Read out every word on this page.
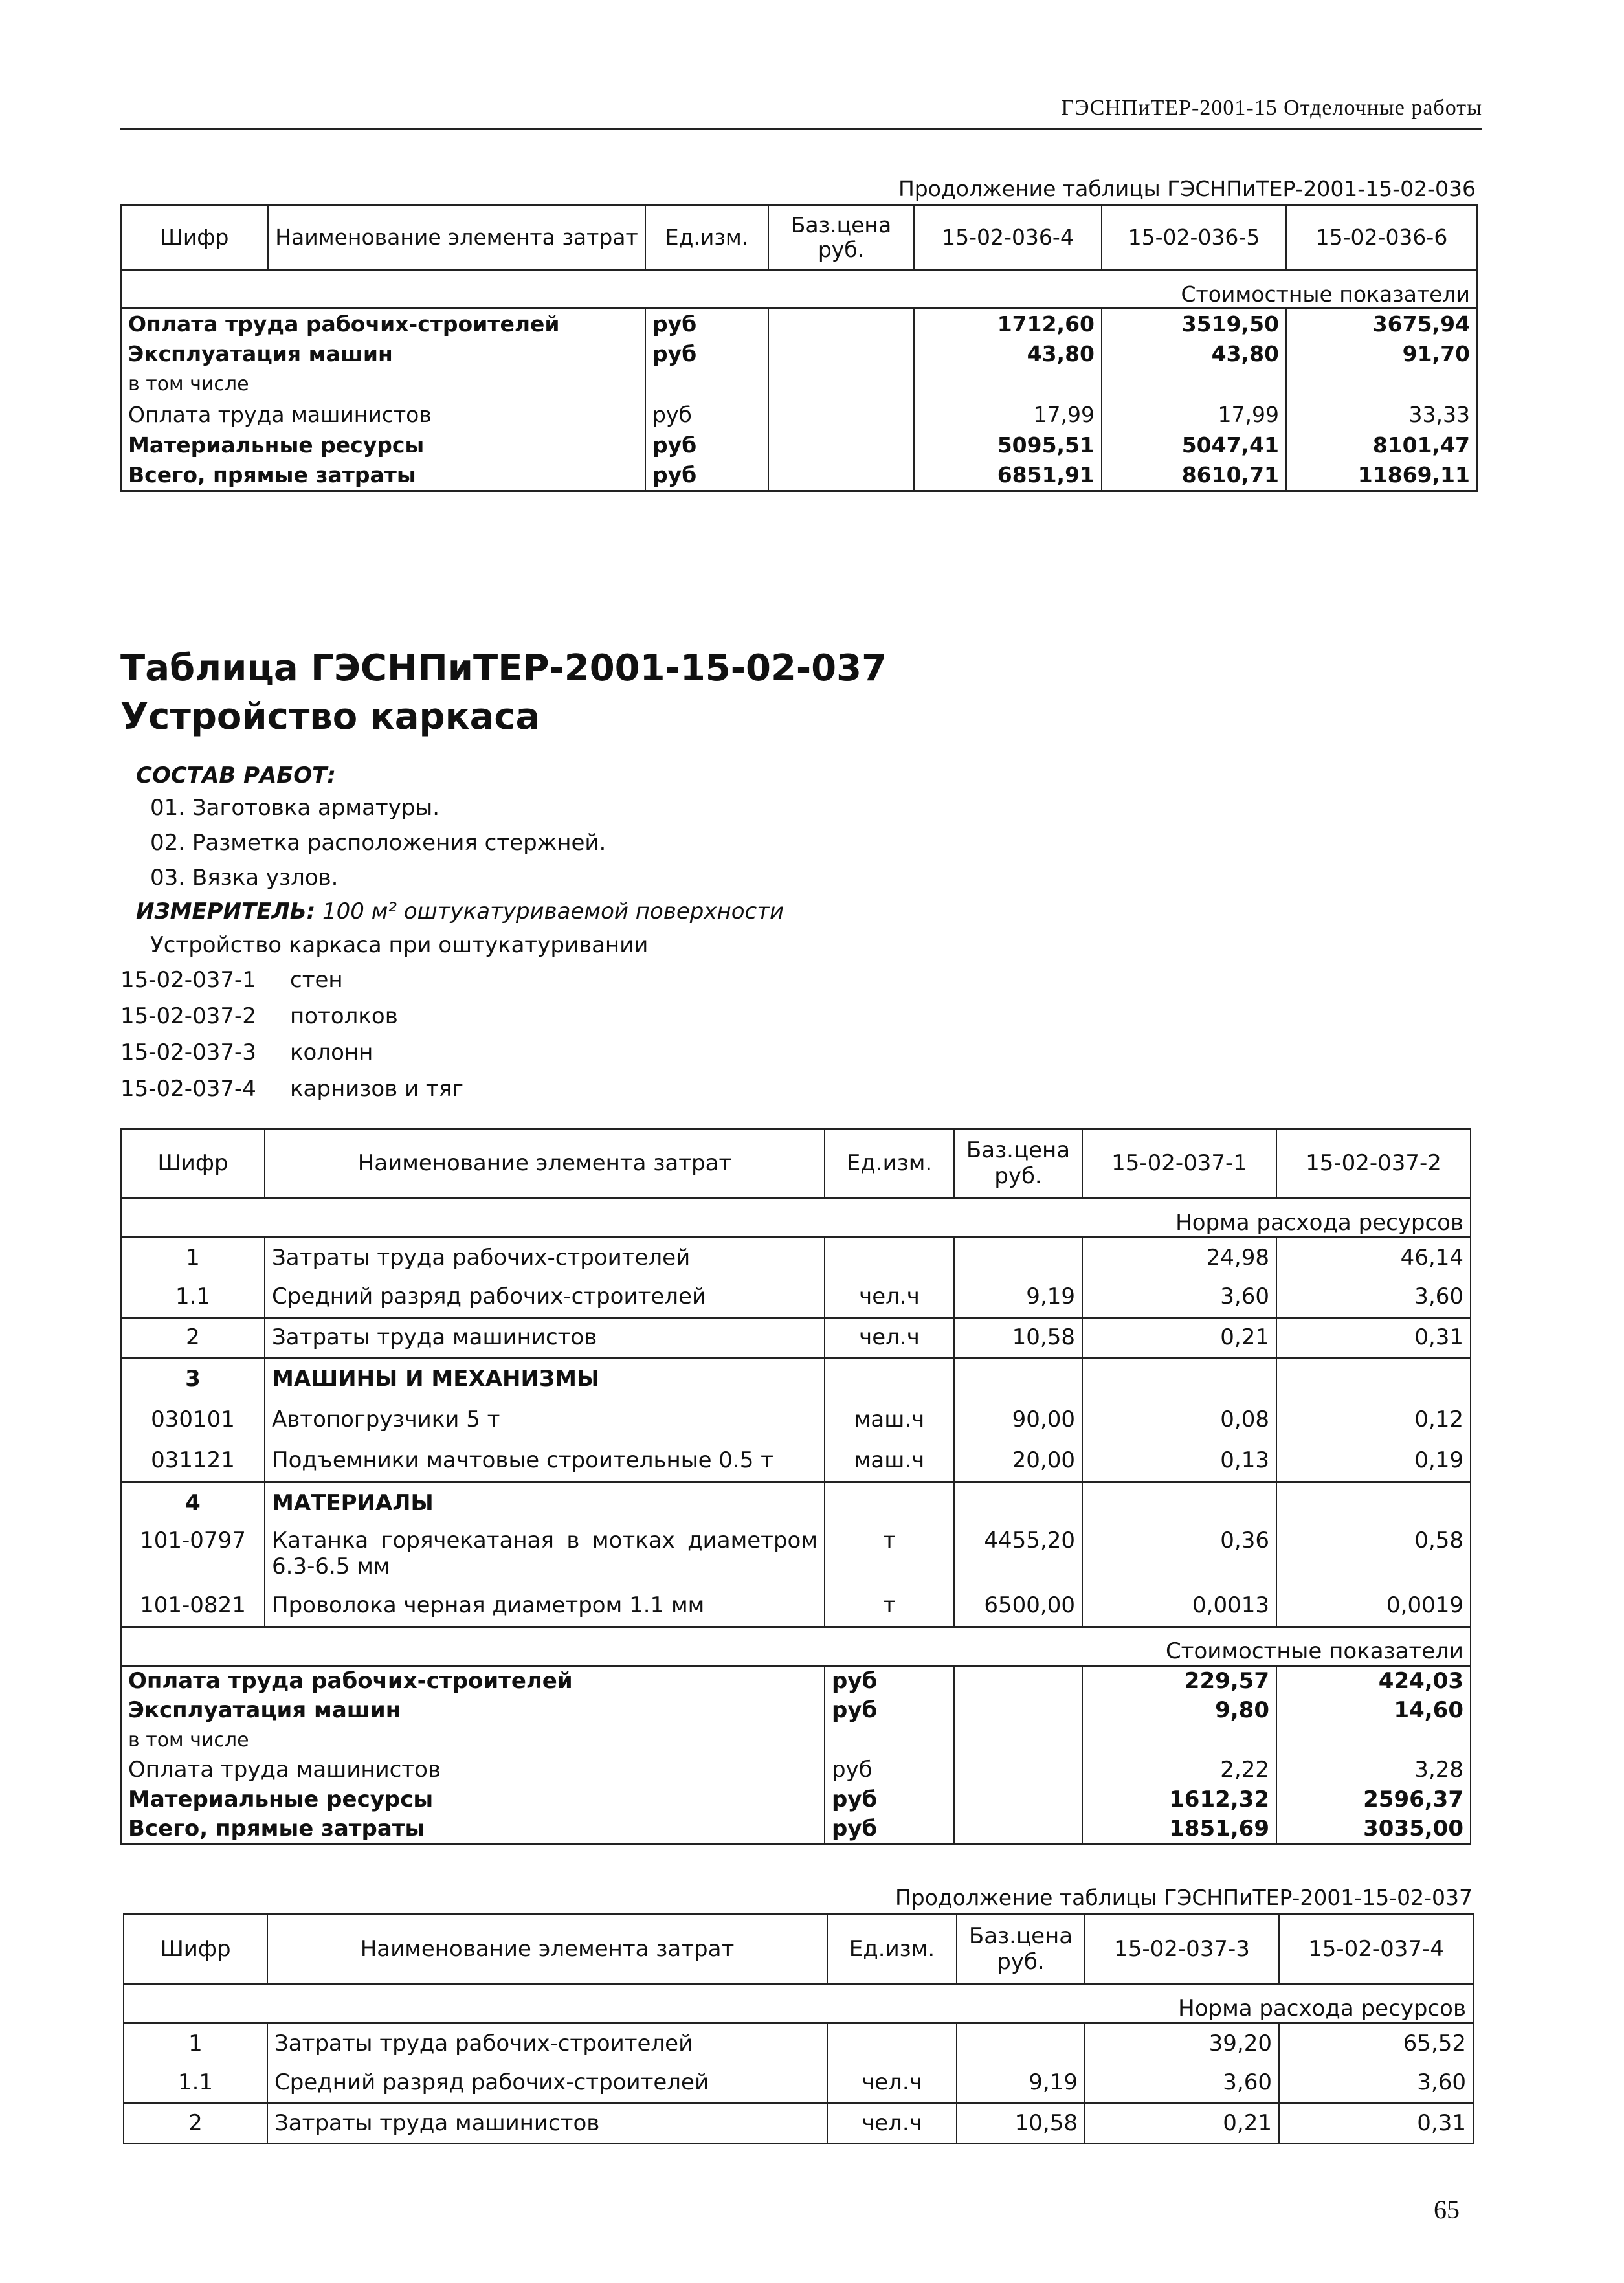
ГЭСНПиТЕР-2001-15 Отделочные работы
Продолжение таблицы ГЭСНПиТЕР-2001-15-02-036
Шифр	Наименование элемента затрат	Ед.изм.	Баз.цена руб.	15-02-036-4	15-02-036-5	15-02-036-6
Стоимостные показатели						
Оплата труда рабочих-строителей		руб		1712,60	3519,50	3675,94
Эксплуатация машин		руб		43,80	43,80	91,70
в том числе						
Оплата труда машинистов		руб		17,99	17,99	33,33
Материальные ресурсы		руб		5095,51	5047,41	8101,47
Всего, прямые затраты		руб		6851,91	8610,71	11869,11
Таблица ГЭСНПиТЕР-2001-15-02-037
Устройство каркаса
СОСТАВ РАБОТ:
01. Заготовка арматуры.
02. Разметка расположения стержней.
03. Вязка узлов.
ИЗМЕРИТЕЛЬ: 100 м² оштукатуриваемой поверхности
Устройство каркаса при оштукатуривании
15-02-037-1 стен
15-02-037-2 потолков
15-02-037-3 колонн
15-02-037-4 карнизов и тяг
Шифр	Наименование элемента затрат	Ед.изм.	Баз.цена руб.	15-02-037-1	15-02-037-2
Норма расхода ресурсов					
1	Затраты труда рабочих-строителей			24,98	46,14
1.1	Средний разряд рабочих-строителей	чел.ч	9,19	3,60	3,60
2	Затраты труда машинистов	чел.ч	10,58	0,21	0,31
3	МАШИНЫ И МЕХАНИЗМЫ				
030101	Автопогрузчики 5 т	маш.ч	90,00	0,08	0,12
031121	Подъемники мачтовые строительные 0.5 т	маш.ч	20,00	0,13	0,19
4	МАТЕРИАЛЫ				
101-0797	Катанка горячекатаная в мотках диаметром 6.3-6.5 мм	т	4455,20	0,36	0,58
101-0821	Проволока черная диаметром 1.1 мм	т	6500,00	0,0013	0,0019
Стоимостные показатели					
Оплата труда рабочих-строителей		руб		229,57	424,03
Эксплуатация машин		руб		9,80	14,60
в том числе					
Оплата труда машинистов		руб		2,22	3,28
Материальные ресурсы		руб		1612,32	2596,37
Всего, прямые затраты		руб		1851,69	3035,00
Продолжение таблицы ГЭСНПиТЕР-2001-15-02-037
Шифр	Наименование элемента затрат	Ед.изм.	Баз.цена руб.	15-02-037-3	15-02-037-4
Норма расхода ресурсов					
1	Затраты труда рабочих-строителей			39,20	65,52
1.1	Средний разряд рабочих-строителей	чел.ч	9,19	3,60	3,60
2	Затраты труда машинистов	чел.ч	10,58	0,21	0,31
65
